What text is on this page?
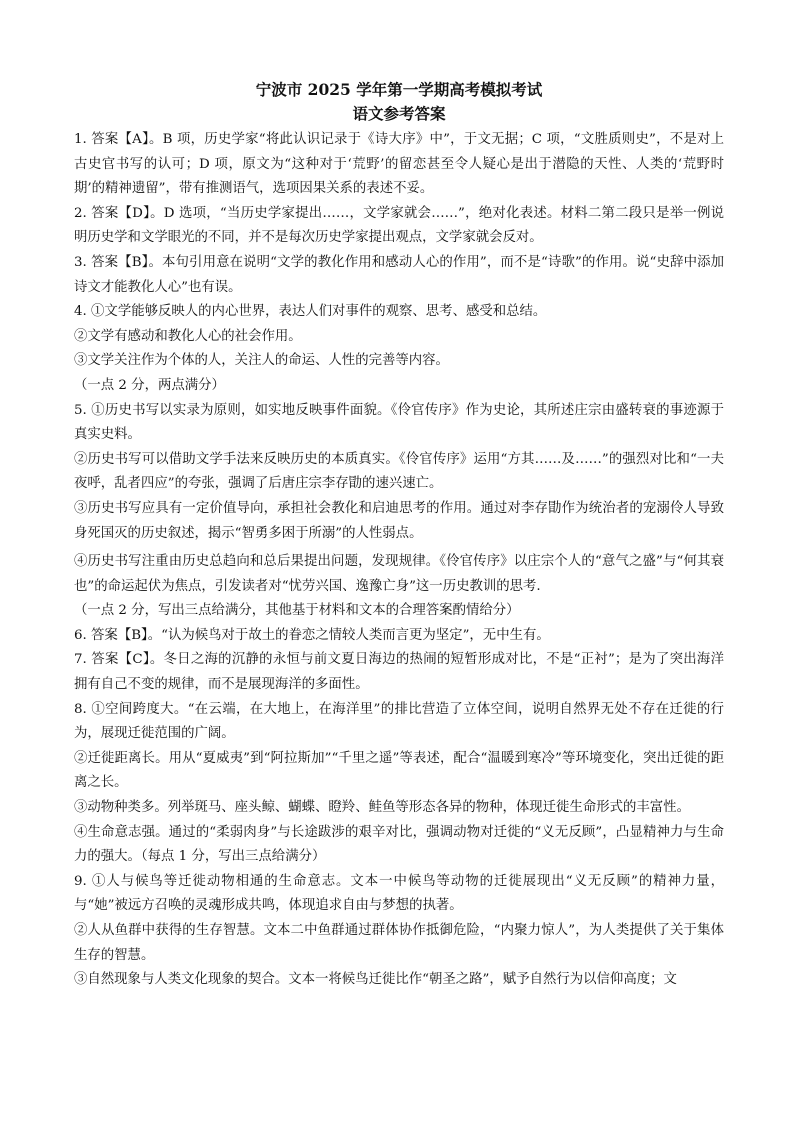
宁波市 2025 学年第一学期高考模拟考试
语文参考答案

1. 答案【A】。B 项，历史学家“将此认识记录于《诗大序》中”，于文无据；C 项，“文胜质则史”，不是对上古史官书写的认可；D 项，原文为“这种对于‘荒野’的留恋甚至令人疑心是出于潜隐的天性、人类的‘荒野时期’的精神遗留”，带有推测语气，选项因果关系的表述不妥。

2. 答案【D】。D 选项，“当历史学家提出……，文学家就会……”，绝对化表述。材料二第二段只是举一例说明历史学和文学眼光的不同，并不是每次历史学家提出观点，文学家就会反对。

3. 答案【B】。本句引用意在说明“文学的教化作用和感动人心的作用”，而不是“诗歌”的作用。说“史辞中添加诗文才能教化人心”也有误。

4. ①文学能够反映人的内心世界，表达人们对事件的观察、思考、感受和总结。

②文学有感动和教化人心的社会作用。

③文学关注作为个体的人，关注人的命运、人性的完善等内容。

（一点 2 分，两点满分）

5. ①历史书写以实录为原则，如实地反映事件面貌。《伶官传序》作为史论，其所述庄宗由盛转衰的事迹源于真实史料。

②历史书写可以借助文学手法来反映历史的本质真实。《伶官传序》运用“方其……及……”的强烈对比和“一夫夜呼，乱者四应”的夸张，强调了后唐庄宗李存勖的速兴速亡。

③历史书写应具有一定价值导向，承担社会教化和启迪思考的作用。通过对李存勖作为统治者的宠溺伶人导致身死国灭的历史叙述，揭示“智勇多困于所溺”的人性弱点。

④历史书写注重由历史总趋向和总后果提出问题，发现规律。《伶官传序》以庄宗个人的“意气之盛”与“何其衰也”的命运起伏为焦点，引发读者对“忧劳兴国、逸豫亡身”这一历史教训的思考.

（一点 2 分，写出三点给满分，其他基于材料和文本的合理答案酌情给分）

6. 答案【B】。“认为候鸟对于故土的眷恋之情较人类而言更为坚定”，无中生有。

7. 答案【C】。冬日之海的沉静的永恒与前文夏日海边的热闹的短暂形成对比，不是“正衬”；是为了突出海洋拥有自己不变的规律，而不是展现海洋的多面性。

8. ①空间跨度大。“在云端，在大地上，在海洋里”的排比营造了立体空间，说明自然界无处不存在迁徙的行为，展现迁徙范围的广阔。

②迁徙距离长。用从“夏威夷”到“阿拉斯加”“千里之遥”等表述，配合“温暖到寒冷”等环境变化，突出迁徙的距离之长。

③动物种类多。列举斑马、座头鲸、蝴蝶、瞪羚、鲑鱼等形态各异的物种，体现迁徙生命形式的丰富性。

④生命意志强。通过的“柔弱肉身”与长途跋涉的艰辛对比，强调动物对迁徙的“义无反顾”，凸显精神力与生命力的强大。（每点 1 分，写出三点给满分）

9. ①人与候鸟等迁徙动物相通的生命意志。文本一中候鸟等动物的迁徙展现出“义无反顾”的精神力量，与“她”被远方召唤的灵魂形成共鸣，体现追求自由与梦想的执著。

②人从鱼群中获得的生存智慧。文本二中鱼群通过群体协作抵御危险，“内聚力惊人”，为人类提供了关于集体生存的智慧。

③自然现象与人类文化现象的契合。文本一将候鸟迁徙比作“朝圣之路”，赋予自然行为以信仰高度；文
